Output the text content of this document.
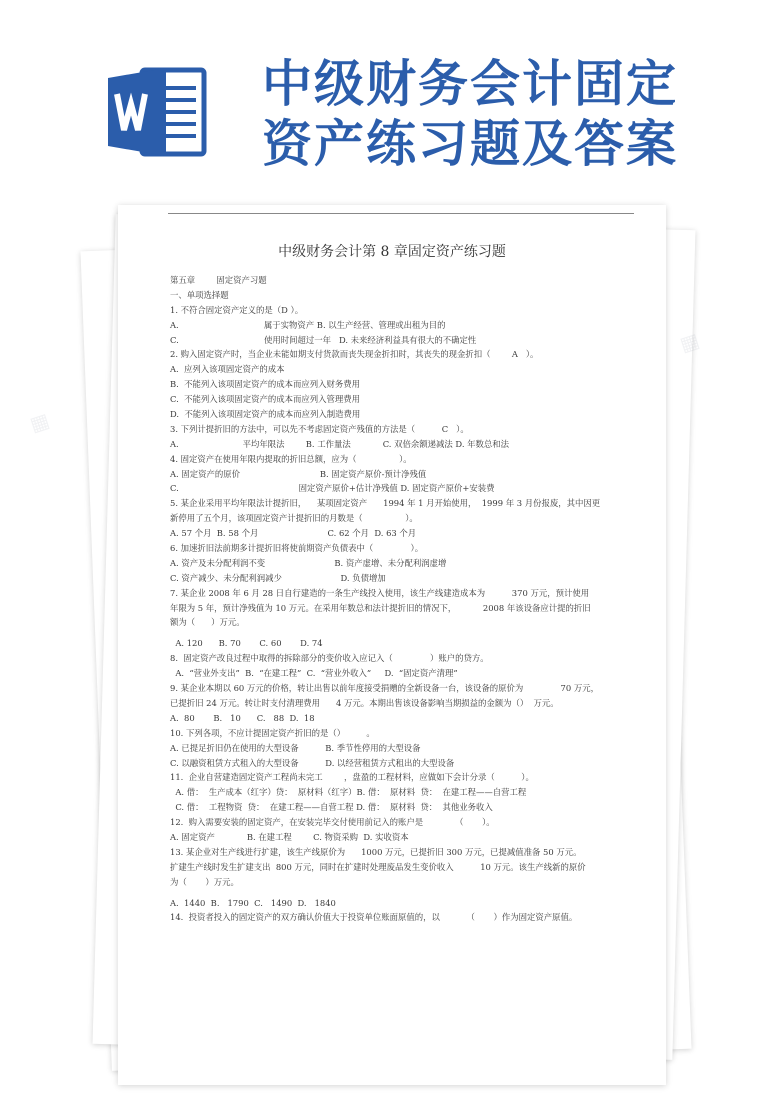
中级财务会计固定
资产练习题及答案
中级财务会计第 8 章固定资产练习题
第五章        固定资产习题
一、单项选择题
1. 不符合固定资产定义的是（D ）。
A.                                属于实物资产 B. 以生产经营、管理或出租为目的
C.                                使用时间超过一年   D. 未来经济利益具有很大的不确定性
2. 购入固定资产时，当企业未能如期支付货款而丧失现金折扣时，其丧失的现金折扣（        A   ）。
A.  应列入该项固定资产的成本
B.  不能列入该项固定资产的成本而应列入财务费用
C.  不能列入该项固定资产的成本而应列入管理费用
D.  不能列入该项固定资产的成本而应列入制造费用
3. 下列计提折旧的方法中，可以先不考虑固定资产残值的方法是（          C   ）。
A.                        平均年限法        B. 工作量法            C. 双倍余额递减法 D. 年数总和法
4. 固定资产在使用年限内提取的折旧总额，应为（                ）。
A. 固定资产的原价                              B. 固定资产原价-预计净残值
C.                                             固定资产原价+估计净残值 D. 固定资产原价+安装费
5. 某企业采用平均年限法计提折旧，    某项固定资产      1994 年 1 月开始使用，  1999 年 3 月份报废，其中因更
新停用了五个月，该项固定资产计提折旧的月数是（                ）。
A. 57 个月  B. 58 个月                          C. 62 个月  D. 63 个月
6. 加速折旧法前期多计提折旧将使前期资产负债表中（              ）。
A. 资产及未分配利润不变                          B. 资产虚增、未分配利润虚增
C. 资产减少、未分配利润减少                      D. 负债增加
7. 某企业 2008 年 6 月 28 日自行建造的一条生产线投入使用，该生产线建造成本为          370 万元，预计使用
年限为 5 年，预计净残值为 10 万元。在采用年数总和法计提折旧的情况下，          2008 年该设备应计提的折旧
额为（      ）万元。
A. 120      B. 70       C. 60       D. 74
8.  固定资产改良过程中取得的拆除部分的变价收入应记入（              ）账户的贷方。
A.  “营业外支出”  B.  “在建工程”  C.  “营业外收入”     D.  “固定资产清理”
9. 某企业本期以 60 万元的价格，转让出售以前年度接受捐赠的全新设备一台，该设备的原价为              70 万元，
已提折旧 24 万元。转让时支付清理费用      4 万元。本期出售该设备影响当期损益的金额为（）  万元。
A.  80       B.   10      C.   88  D.  18
10. 下列各项，不应计提固定资产折旧的是（）        。
A. 已提足折旧仍在使用的大型设备          B. 季节性停用的大型设备
C. 以融资租赁方式租入的大型设备          D. 以经营租赁方式租出的大型设备
11.  企业自营建造固定资产工程尚未完工        ，盘盈的工程材料，应做如下会计分录（          ）。
A. 借：  生产成本（红字）贷：  原材料（红字）B. 借：  原材料  贷：  在建工程——自营工程
C. 借：  工程物资  贷：  在建工程——自营工程 D. 借：  原材料  贷：  其他业务收入
12.  购入需要安装的固定资产，在安装完毕交付使用前记入的账户是            （       ）。
A. 固定资产            B. 在建工程        C. 物资采购  D. 实收资本
13. 某企业对生产线进行扩建，该生产线原价为      1000 万元，已提折旧 300 万元，已提减值准备 50 万元。
扩建生产线时发生扩建支出  800 万元，同时在扩建时处理废品发生变价收入          10 万元。该生产线新的原价
为（       ）万元。
A.  1440  B.   1790  C.   1490  D.   1840
14.  投资者投入的固定资产的双方确认价值大于投资单位账面原值的，以          （       ）作为固定资产原值。
▦
